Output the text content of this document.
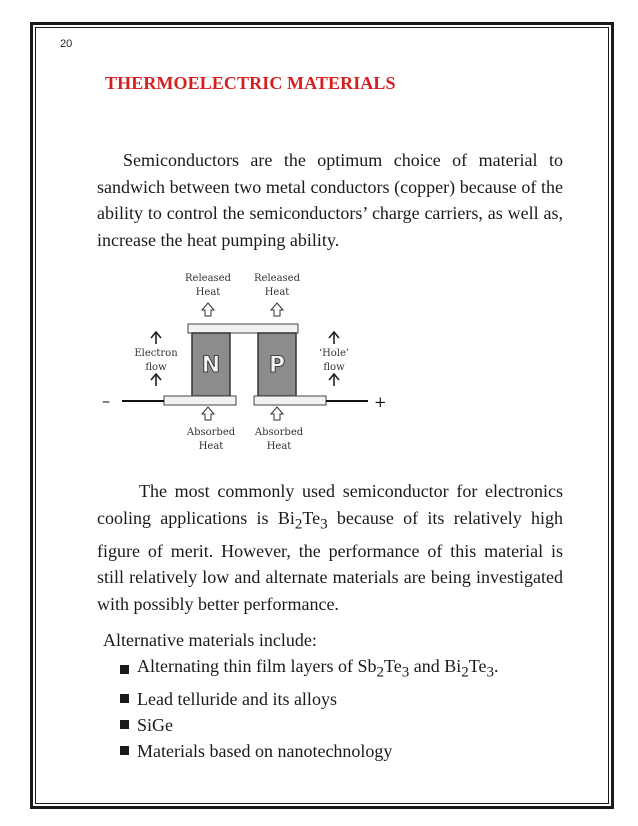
20
THERMOELECTRIC MATERIALS

Semiconductors are the optimum choice of material to sandwich between two metal conductors (copper) because of the ability to control the semiconductors’ charge carriers, as well as, increase the heat pumping ability.

N P
–	+
Released
Heat
Released
Heat
Absorbed
Heat
Absorbed
Heat
Electron
flow
‘Hole’
flow

The most commonly used semiconductor for electronics cooling applications is $Bi_2Te_3$ because of its relatively high figure of merit. However, the performance of this material is still relatively low and alternate materials are being investigated with possibly better performance.

Alternative materials include:
Alternating thin film layers of $Sb_2Te_3$ and $Bi_2Te_3$.
Lead telluride and its alloys
SiGe
Materials based on nanotechnology
